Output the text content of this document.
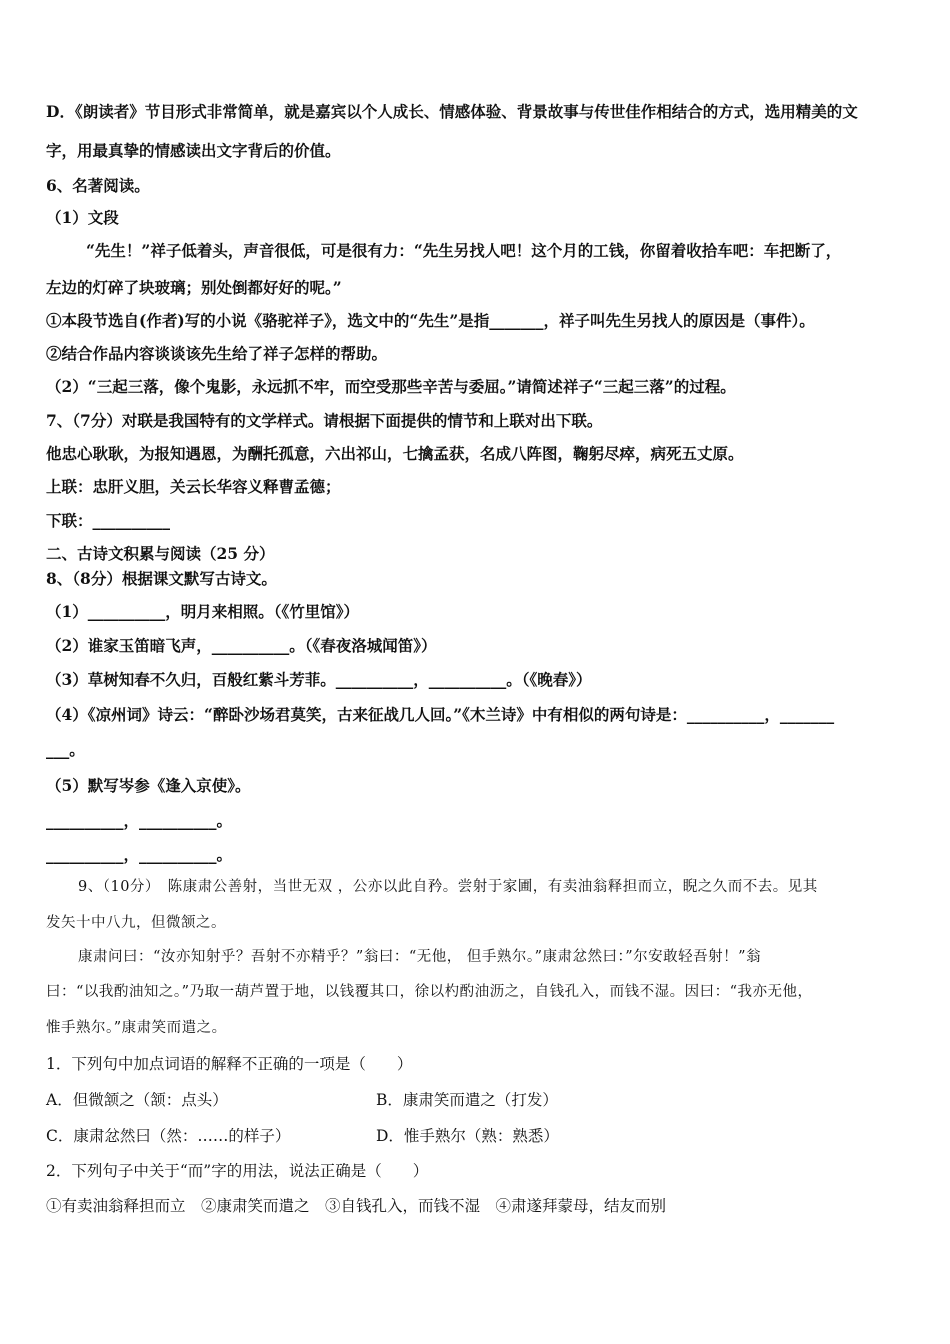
D．《朗读者》节目形式非常简单，就是嘉宾以个人成长、情感体验、背景故事与传世佳作相结合的方式，选用精美的文
字，用最真挚的情感读出文字背后的价值。
6、名著阅读。
（1）文段
“先生！”祥子低着头，声音很低，可是很有力：“先生另找人吧！这个月的工钱，你留着收拾车吧：车把断了，
左边的灯碎了块玻璃；别处倒都好好的呢。”
①本段节选自(作者)写的小说《骆驼祥子》，选文中的“先生”是指_______，祥子叫先生另找人的原因是（事件）。
②结合作品内容谈谈该先生给了祥子怎样的帮助。
（2）“三起三落，像个鬼影，永远抓不牢，而空受那些辛苦与委屈。”请简述祥子“三起三落”的过程。
7、（7分）对联是我国特有的文学样式。请根据下面提供的情节和上联对出下联。
他忠心耿耿，为报知遇恩，为酬托孤意，六出祁山，七擒孟获，名成八阵图，鞠躬尽瘁，病死五丈原。
上联：忠肝义胆，关云长华容义释曹孟德；
下联：__________
二、古诗文积累与阅读（25 分）
8、（8分）根据课文默写古诗文。
（1）__________，明月来相照。（《竹里馆》）
（2）谁家玉笛暗飞声，__________。（《春夜洛城闻笛》）
（3）草树知春不久归，百般红紫斗芳菲。__________，__________。（《晚春》）
（4）《凉州词》诗云：“醉卧沙场君莫笑，古来征战几人回。”《木兰诗》中有相似的两句诗是：__________，_______
___。
（5）默写岑参《逢入京使》。
__________，__________。
__________，__________。
9、（10分）　陈康肃公善射，当世无双 ，公亦以此自矜。尝射于家圃，有卖油翁释担而立，睨之久而不去。见其
发矢十中八九，但微颔之。
康肃问曰：“汝亦知射乎？吾射不亦精乎？”翁曰：“无他， 但手熟尔。”康肃忿然曰：”尔安敢轻吾射！”翁
曰：“以我酌油知之。”乃取一葫芦置于地，以钱覆其口，徐以杓酌油沥之，自钱孔入，而钱不湿。因曰：“我亦无他，
惟手熟尔。”康肃笑而遣之。
1．下列句中加点词语的解释不正确的一项是（　　）
A．但微颔之（颔：点头）	B．康肃笑而遣之（打发）
C．康肃忿然曰（然：……的样子）	D．惟手熟尔（熟：熟悉）
2．下列句子中关于“而”字的用法，说法正确是（　　）
①有卖油翁释担而立　②康肃笑而遣之　③自钱孔入，而钱不湿　④肃遂拜蒙母，结友而别
